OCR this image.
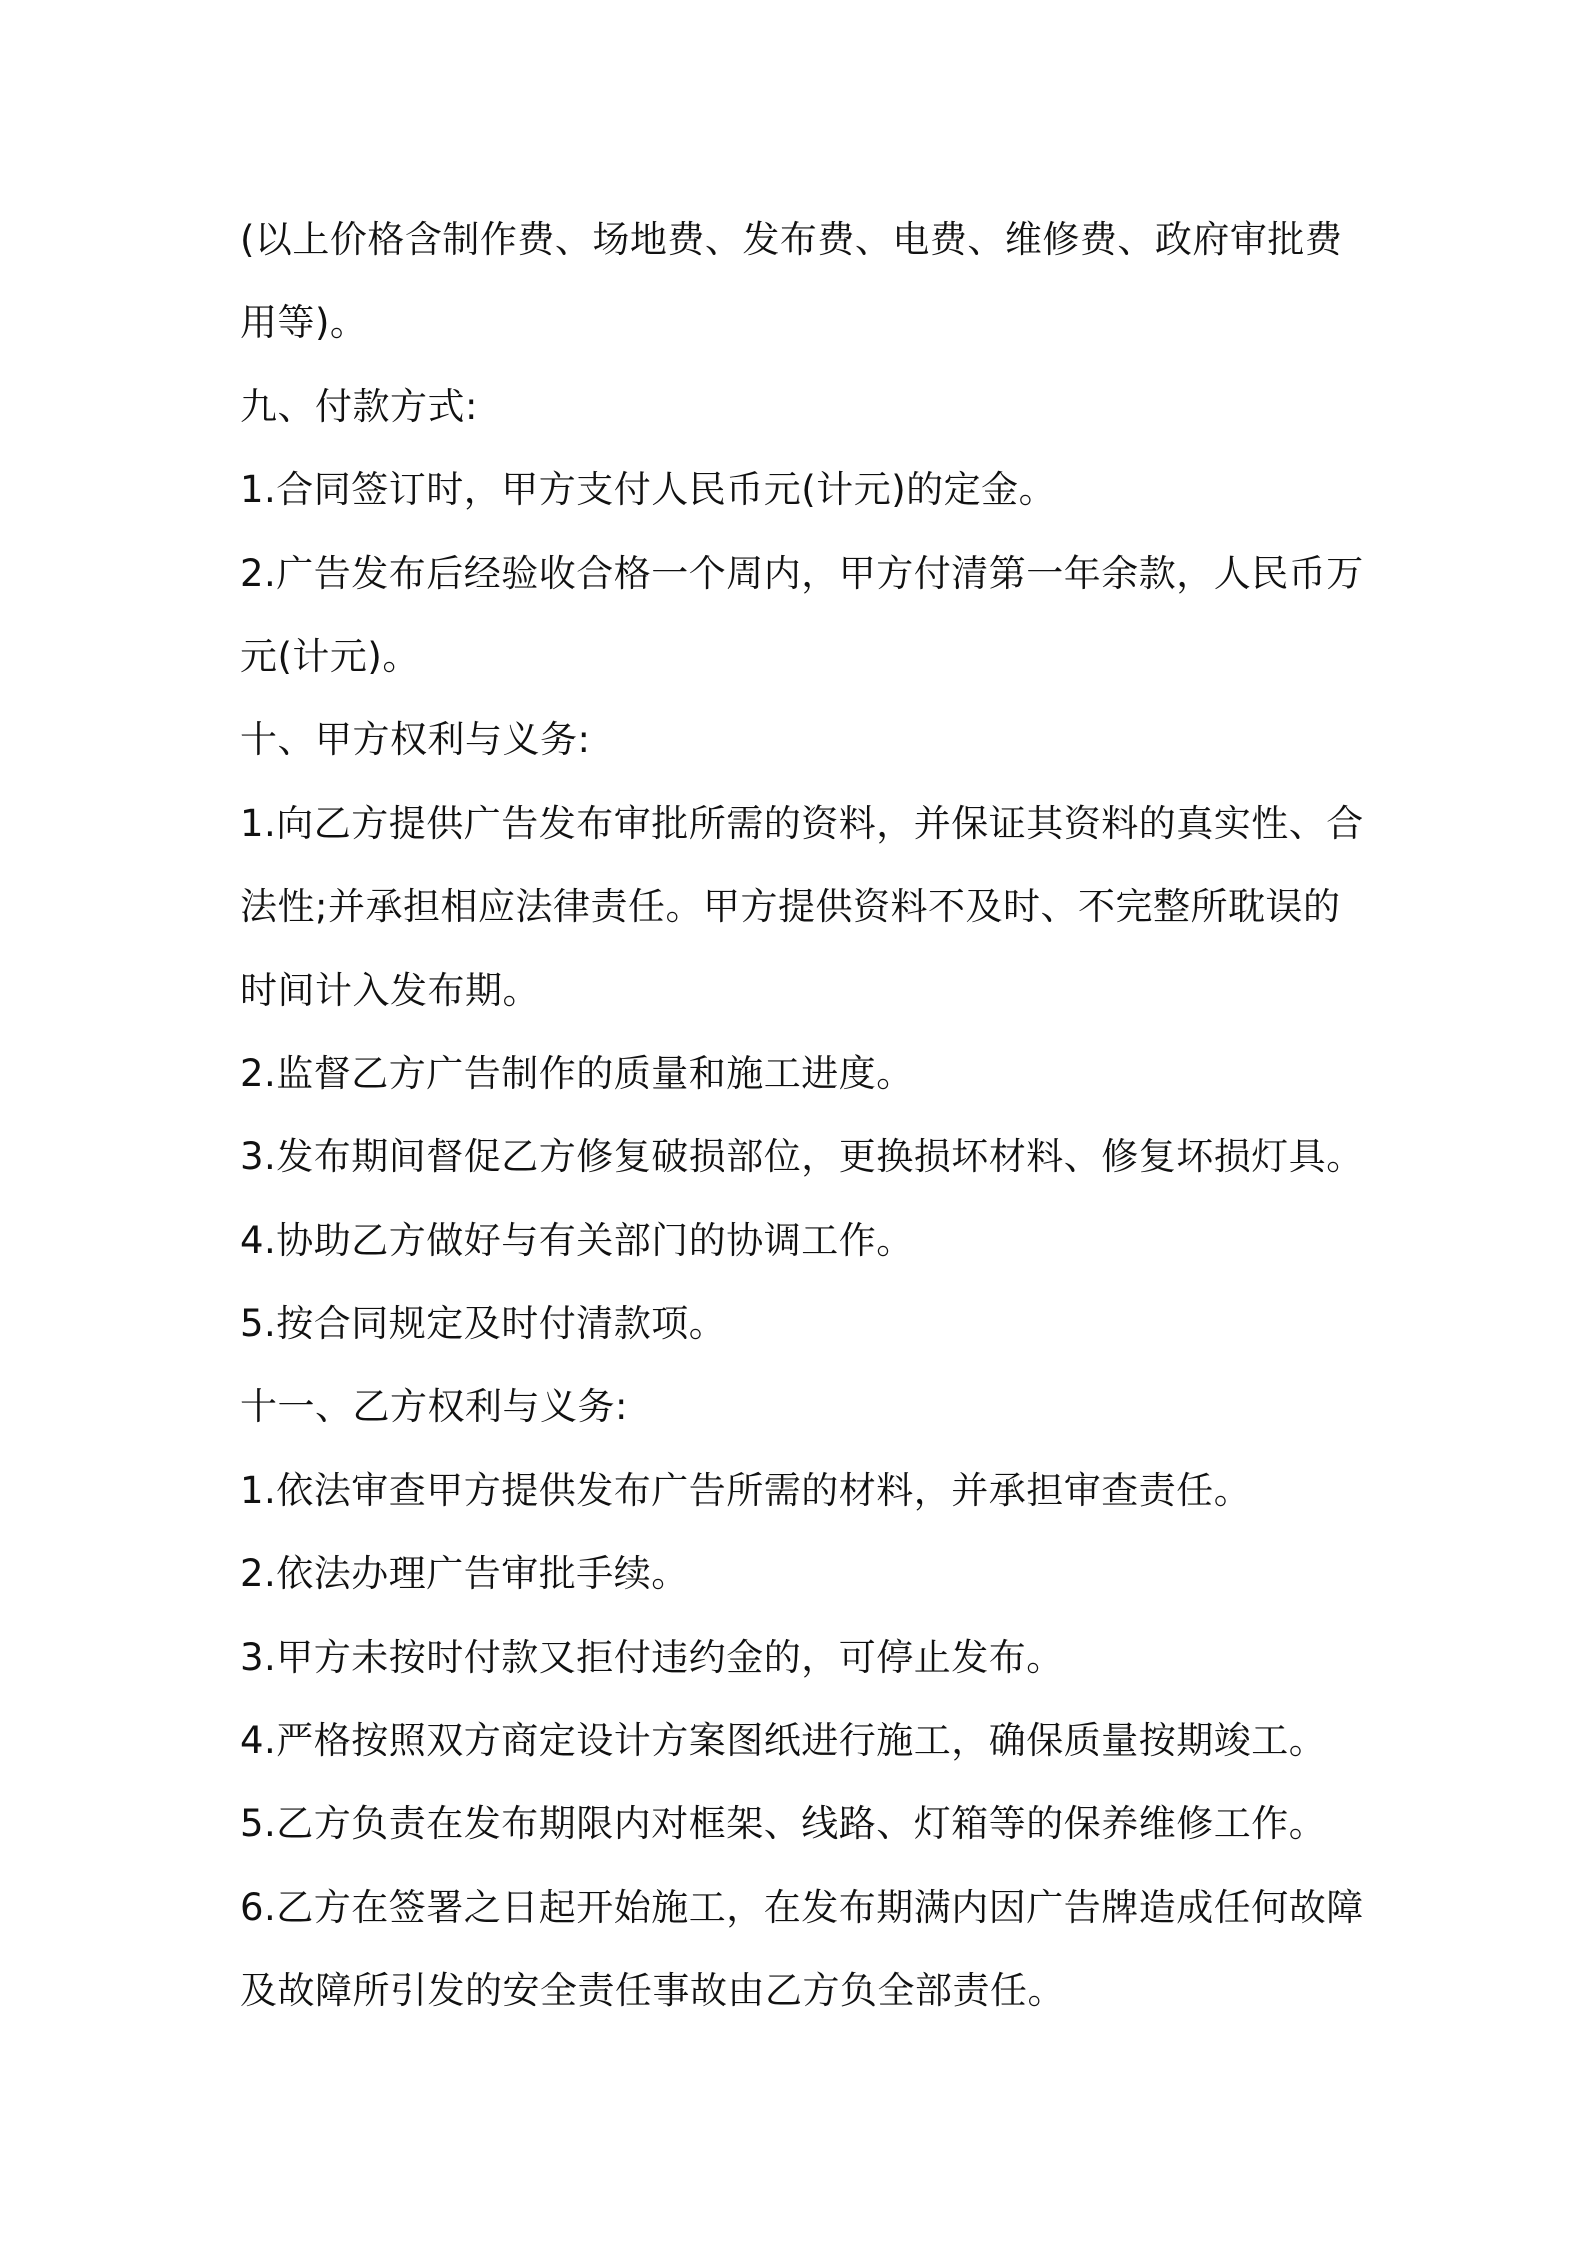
(以上价格含制作费、场地费、发布费、电费、维修费、政府审批费
用等)。
九、付款方式:
1.合同签订时，甲方支付人民币元(计元)的定金。
2.广告发布后经验收合格一个周内，甲方付清第一年余款，人民币万
元(计元)。
十、甲方权利与义务:
1.向乙方提供广告发布审批所需的资料，并保证其资料的真实性、合
法性;并承担相应法律责任。甲方提供资料不及时、不完整所耽误的
时间计入发布期。
2.监督乙方广告制作的质量和施工进度。
3.发布期间督促乙方修复破损部位，更换损坏材料、修复坏损灯具。
4.协助乙方做好与有关部门的协调工作。
5.按合同规定及时付清款项。
十一、乙方权利与义务:
1.依法审查甲方提供发布广告所需的材料，并承担审查责任。
2.依法办理广告审批手续。
3.甲方未按时付款又拒付违约金的，可停止发布。
4.严格按照双方商定设计方案图纸进行施工，确保质量按期竣工。
5.乙方负责在发布期限内对框架、线路、灯箱等的保养维修工作。
6.乙方在签署之日起开始施工，在发布期满内因广告牌造成任何故障
及故障所引发的安全责任事故由乙方负全部责任。
